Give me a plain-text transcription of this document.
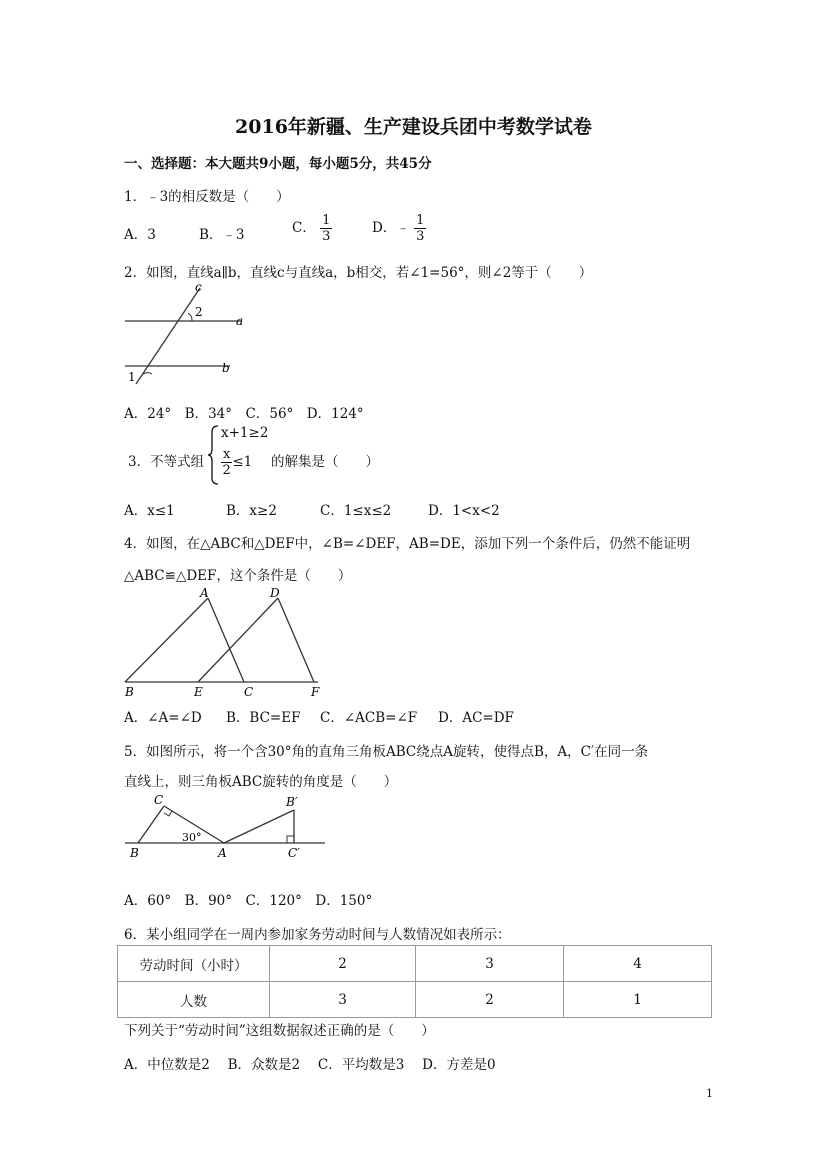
2016年新疆、生产建设兵团中考数学试卷
一、选择题：本大题共9小题，每小题5分，共45分
1．﹣3的相反数是（　　）
A．3	B．﹣3	C． $\frac{1}{3}$	D．﹣ $\frac{1}{3}$
2．如图，直线a∥b，直线c与直线a，b相交，若∠1=56°，则∠2等于（　　）
c
a
b
1
2
A．24°　B．34°　C．56°　D．124°
3．不等式组
x+1≥2
$\frac{x}{2} \le 1$ 的解集是（　　）
A．x≤1	B．x≥2	C．1≤x≤2	D．1<x<2
4．如图，在△ABC和△DEF中，∠B=∠DEF，AB=DE，添加下列一个条件后，仍然不能证明
△ABC≌△DEF，这个条件是（　　）
A	D
B	E	C	F
A．∠A=∠D B．BC=EF C．∠ACB=∠F D．AC=DF
5．如图所示，将一个含30°角的直角三角板ABC绕点A旋转，使得点B，A，C′在同一条
直线上，则三角板ABC旋转的角度是（　　）
C
B	A
B′
C′
30°
A．60°　B．90°　C．120°　D．150°
6．某小组同学在一周内参加家务劳动时间与人数情况如表所示：
劳动时间（小时）	2	3	4
人数	3	2	1
下列关于“劳动时间”这组数据叙述正确的是（　　）
A．中位数是2　 B．众数是2　 C．平均数是3　 D．方差是0
1
